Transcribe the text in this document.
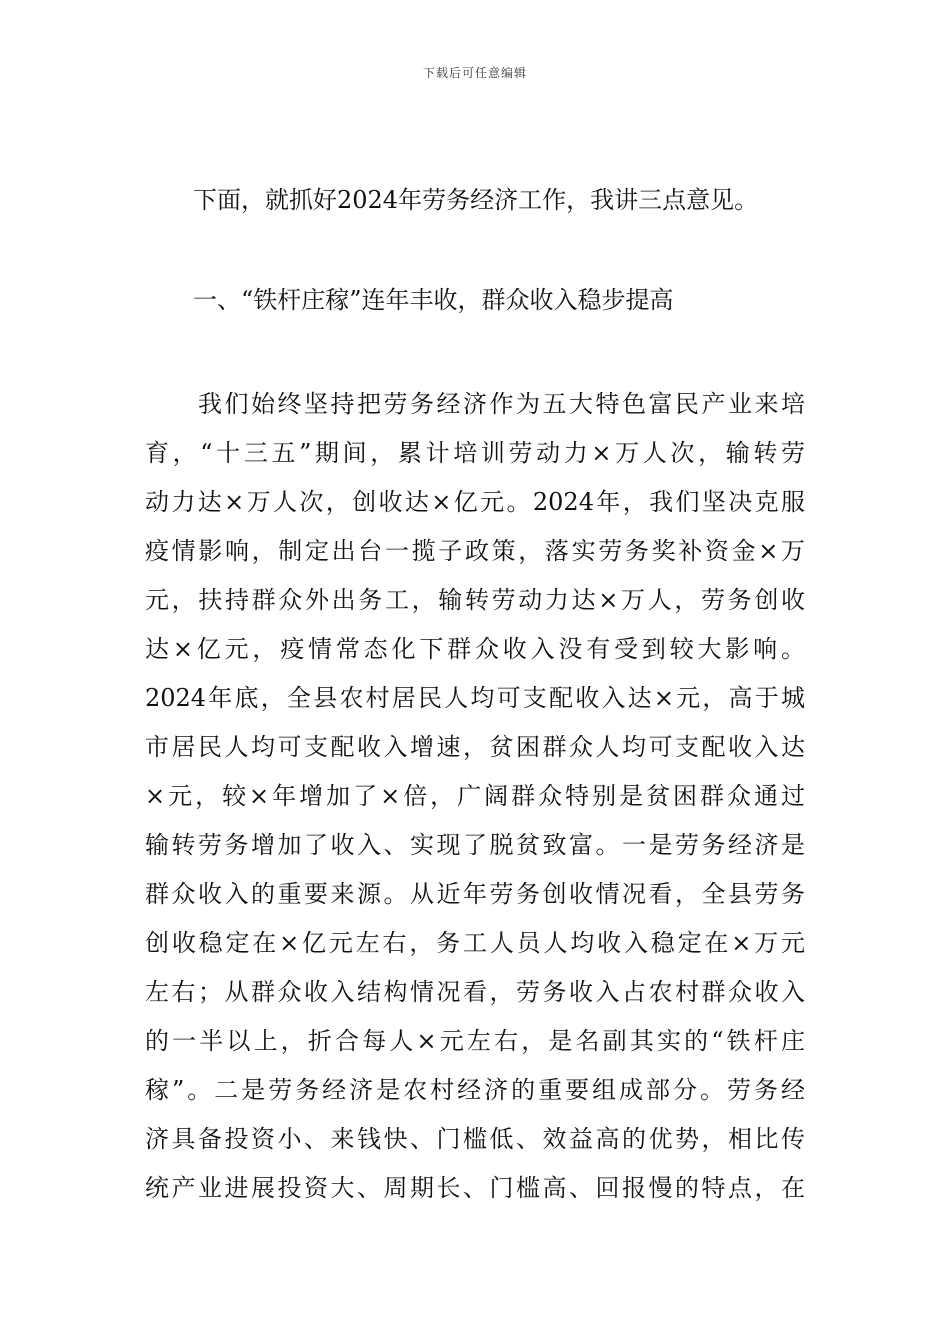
下载后可任意编辑
下面，就抓好2024年劳务经济工作，我讲三点意见。
一、“铁杆庄稼”连年丰收，群众收入稳步提高
　　我们始终坚持把劳务经济作为五大特色富民产业来培
育，“十三五”期间，累计培训劳动力×万人次，输转劳
动力达×万人次，创收达×亿元。2024年，我们坚决克服
疫情影响，制定出台一揽子政策，落实劳务奖补资金×万
元，扶持群众外出务工，输转劳动力达×万人，劳务创收
达×亿元，疫情常态化下群众收入没有受到较大影响。
2024年底，全县农村居民人均可支配收入达×元，高于城
市居民人均可支配收入增速，贫困群众人均可支配收入达
×元，较×年增加了×倍，广阔群众特别是贫困群众通过
输转劳务增加了收入、实现了脱贫致富。一是劳务经济是
群众收入的重要来源。从近年劳务创收情况看，全县劳务
创收稳定在×亿元左右，务工人员人均收入稳定在×万元
左右；从群众收入结构情况看，劳务收入占农村群众收入
的一半以上，折合每人×元左右，是名副其实的“铁杆庄
稼”。二是劳务经济是农村经济的重要组成部分。劳务经
济具备投资小、来钱快、门槛低、效益高的优势，相比传
统产业进展投资大、周期长、门槛高、回报慢的特点，在
